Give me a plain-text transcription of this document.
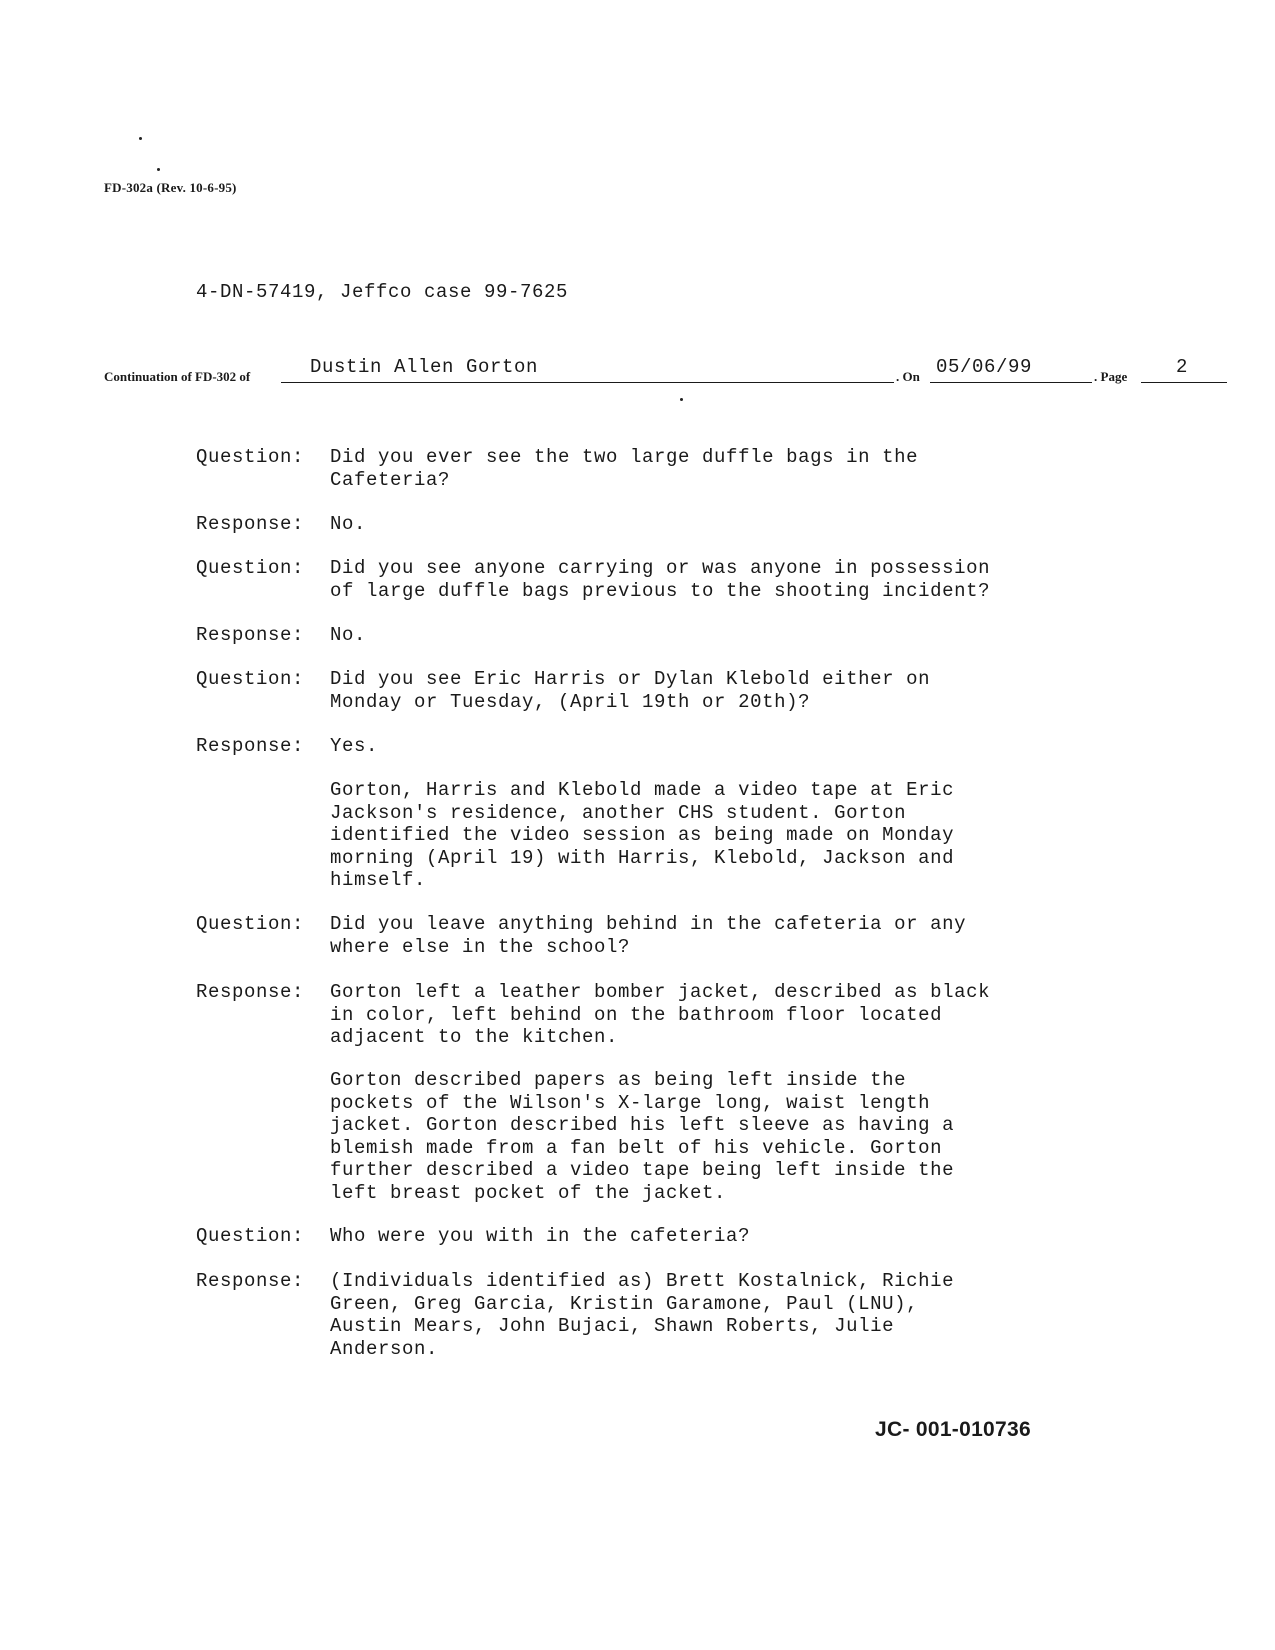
FD-302a (Rev. 10-6-95)
4-DN-57419, Jeffco case 99-7625
Continuation of FD-302 of	Dustin Allen Gorton	. On 05/06/99	. Page	2
Question: Did you ever see the two large duffle bags in the
Cafeteria?
Response: No.
Question: Did you see anyone carrying or was anyone in possession
of large duffle bags previous to the shooting incident?
Response: No.
Question: Did you see Eric Harris or Dylan Klebold either on
Monday or Tuesday, (April 19th or 20th)?
Response: Yes.
Gorton, Harris and Klebold made a video tape at Eric
Jackson's residence, another CHS student. Gorton
identified the video session as being made on Monday
morning (April 19) with Harris, Klebold, Jackson and
himself.
Question: Did you leave anything behind in the cafeteria or any
where else in the school?
Response: Gorton left a leather bomber jacket, described as black
in color, left behind on the bathroom floor located
adjacent to the kitchen.
Gorton described papers as being left inside the
pockets of the Wilson's X-large long, waist length
jacket. Gorton described his left sleeve as having a
blemish made from a fan belt of his vehicle. Gorton
further described a video tape being left inside the
left breast pocket of the jacket.
Question: Who were you with in the cafeteria?
Response: (Individuals identified as) Brett Kostalnick, Richie
Green, Greg Garcia, Kristin Garamone, Paul (LNU),
Austin Mears, John Bujaci, Shawn Roberts, Julie
Anderson.
JC- 001-010736
